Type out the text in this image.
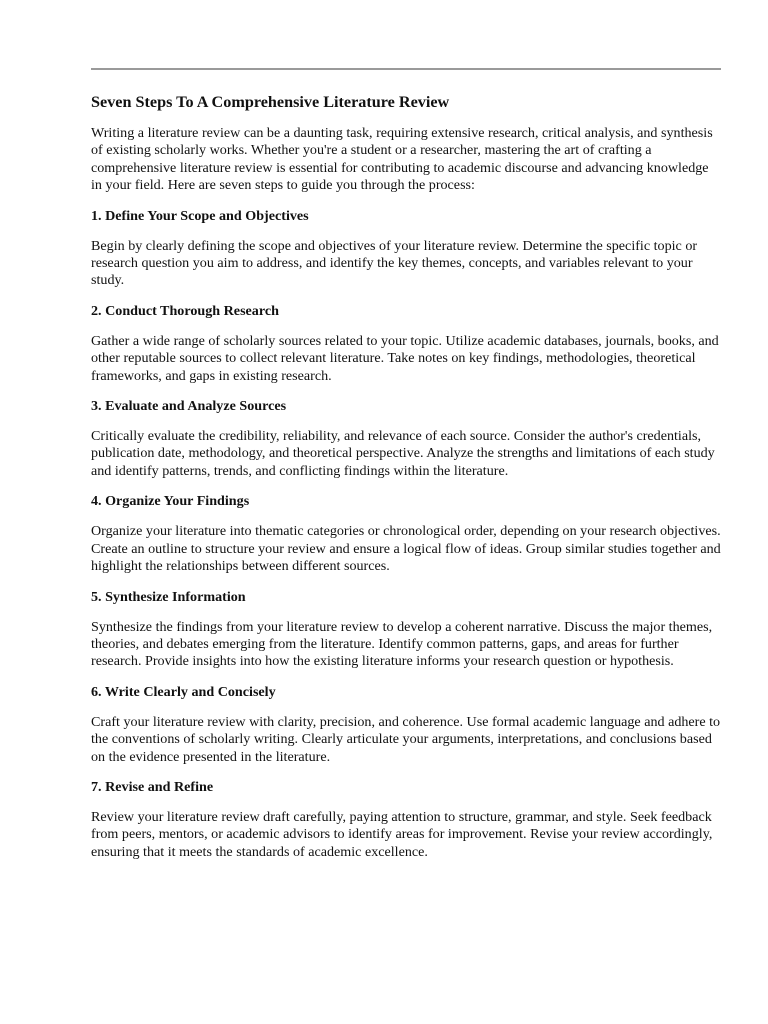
Seven Steps To A Comprehensive Literature Review

Writing a literature review can be a daunting task, requiring extensive research, critical analysis, and synthesis of existing scholarly works. Whether you're a student or a researcher, mastering the art of crafting a comprehensive literature review is essential for contributing to academic discourse and advancing knowledge in your field. Here are seven steps to guide you through the process:

1. Define Your Scope and Objectives

Begin by clearly defining the scope and objectives of your literature review. Determine the specific topic or research question you aim to address, and identify the key themes, concepts, and variables relevant to your study.

2. Conduct Thorough Research

Gather a wide range of scholarly sources related to your topic. Utilize academic databases, journals, books, and other reputable sources to collect relevant literature. Take notes on key findings, methodologies, theoretical frameworks, and gaps in existing research.

3. Evaluate and Analyze Sources

Critically evaluate the credibility, reliability, and relevance of each source. Consider the author's credentials, publication date, methodology, and theoretical perspective. Analyze the strengths and limitations of each study and identify patterns, trends, and conflicting findings within the literature.

4. Organize Your Findings

Organize your literature into thematic categories or chronological order, depending on your research objectives. Create an outline to structure your review and ensure a logical flow of ideas. Group similar studies together and highlight the relationships between different sources.

5. Synthesize Information

Synthesize the findings from your literature review to develop a coherent narrative. Discuss the major themes, theories, and debates emerging from the literature. Identify common patterns, gaps, and areas for further research. Provide insights into how the existing literature informs your research question or hypothesis.

6. Write Clearly and Concisely

Craft your literature review with clarity, precision, and coherence. Use formal academic language and adhere to the conventions of scholarly writing. Clearly articulate your arguments, interpretations, and conclusions based on the evidence presented in the literature.

7. Revise and Refine

Review your literature review draft carefully, paying attention to structure, grammar, and style. Seek feedback from peers, mentors, or academic advisors to identify areas for improvement. Revise your review accordingly, ensuring that it meets the standards of academic excellence.
